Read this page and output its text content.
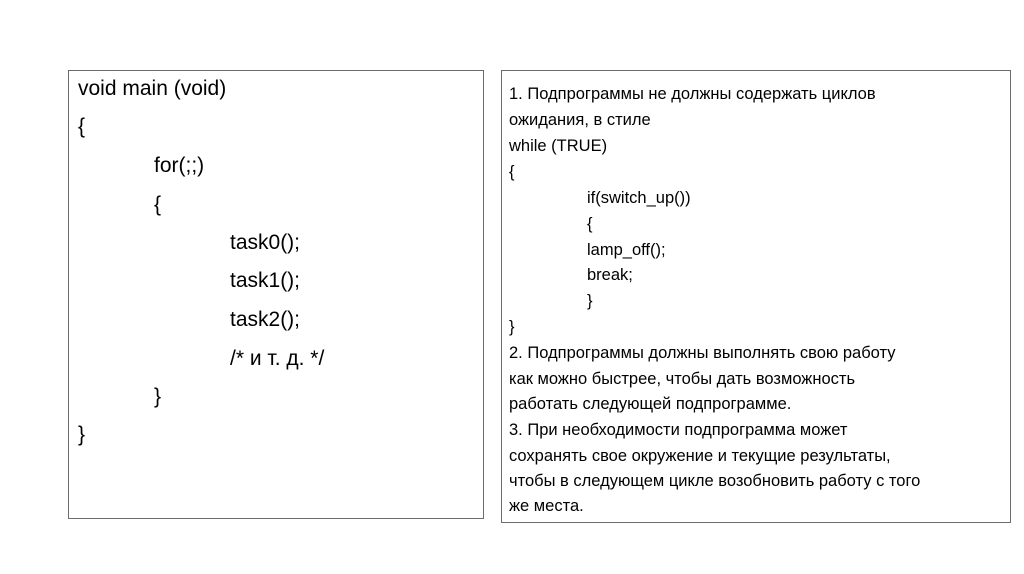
void main (void)
{
for(;;)
{
task0();
task1();
task2();
/* и т. д. */
}
}
1. Подпрограммы не должны содержать циклов
ожидания, в стиле
while (TRUE)
{
if(switch_up())
{
lamp_off();
break;
}
}
2. Подпрограммы должны выполнять свою работу
как можно быстрее, чтобы дать возможность
работать следующей подпрограмме.
3. При необходимости подпрограмма может
сохранять свое окружение и текущие результаты,
чтобы в следующем цикле возобновить работу с того
же места.
